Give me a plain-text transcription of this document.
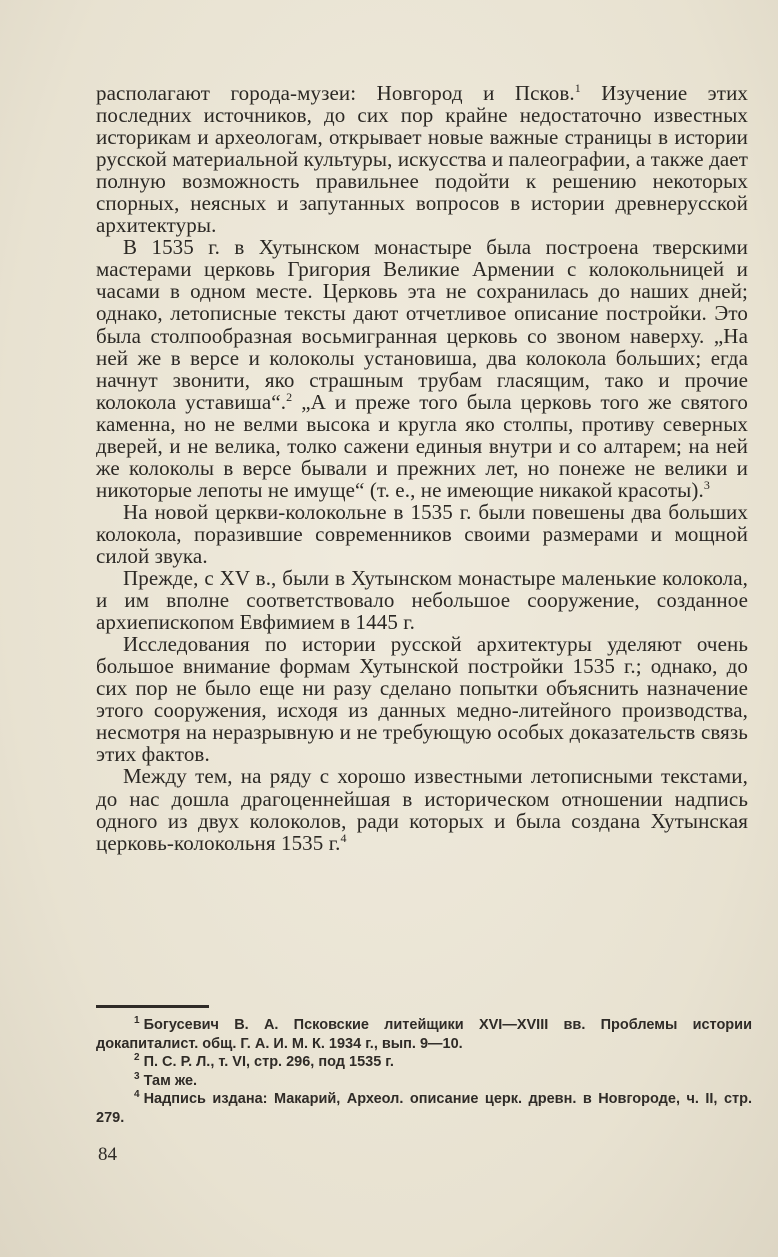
располагают города-музеи: Новгород и Псков.$^1$ Изучение этих последних источников, до сих пор крайне недостаточно известных историкам и археологам, открывает новые важные страницы в истории русской материальной культуры, искусства и палеографии, а также дает полную возможность правильнее подойти к решению некоторых спорных, неясных и запутанных вопросов в истории древнерусской архитектуры.

В 1535 г. в Хутынском монастыре была построена тверскими мастерами церковь Григория Великие Армении с колокольницей и часами в одном месте. Церковь эта не сохранилась до наших дней; однако, летописные тексты дают отчетливое описание постройки. Это была столпообразная восьмигранная церковь со звоном наверху. „На ней же в версе и колоколы установиша, два колокола больших; егда начнут звонити, яко страшным трубам гласящим, тако и прочие колокола уставиша“.$^2$ „А и преже того была церковь того же святого каменна, но не велми высока и кругла яко столпы, противу северных дверей, и не велика, толко сажени единыя внутри и со алтарем; на ней же колоколы в версе бывали и прежних лет, но понеже не велики и никоторые лепоты не имуще“ (т. е., не имеющие никакой красоты).$^3$

На новой церкви-колокольне в 1535 г. были повешены два больших колокола, поразившие современников своими размерами и мощной силой звука.

Прежде, с XV в., были в Хутынском монастыре маленькие колокола, и им вполне соответствовало небольшое сооружение, созданное архиепископом Евфимием в 1445 г.

Исследования по истории русской архитектуры уделяют очень большое внимание формам Хутынской постройки 1535 г.; однако, до сих пор не было еще ни разу сделано попытки объяснить назначение этого сооружения, исходя из данных медно-литейного производства, несмотря на неразрывную и не требующую особых доказательств связь этих фактов.

Между тем, на ряду с хорошо известными летописными текстами, до нас дошла драгоценнейшая в историческом отношении надпись одного из двух колоколов, ради которых и была создана Хутынская церковь-колокольня 1535 г.$^4$

$^1$ Богусевич В. А. Псковские литейщики XVI—XVIII вв. Проблемы истории докапиталист. общ. Г. А. И. М. К. 1934 г., вып. 9—10.

$^2$ П. С. Р. Л., т. VI, стр. 296, под 1535 г.

$^3$ Там же.

$^4$ Надпись издана: Макарий, Археол. описание церк. древн. в Новгороде, ч. II, стр. 279.

84
